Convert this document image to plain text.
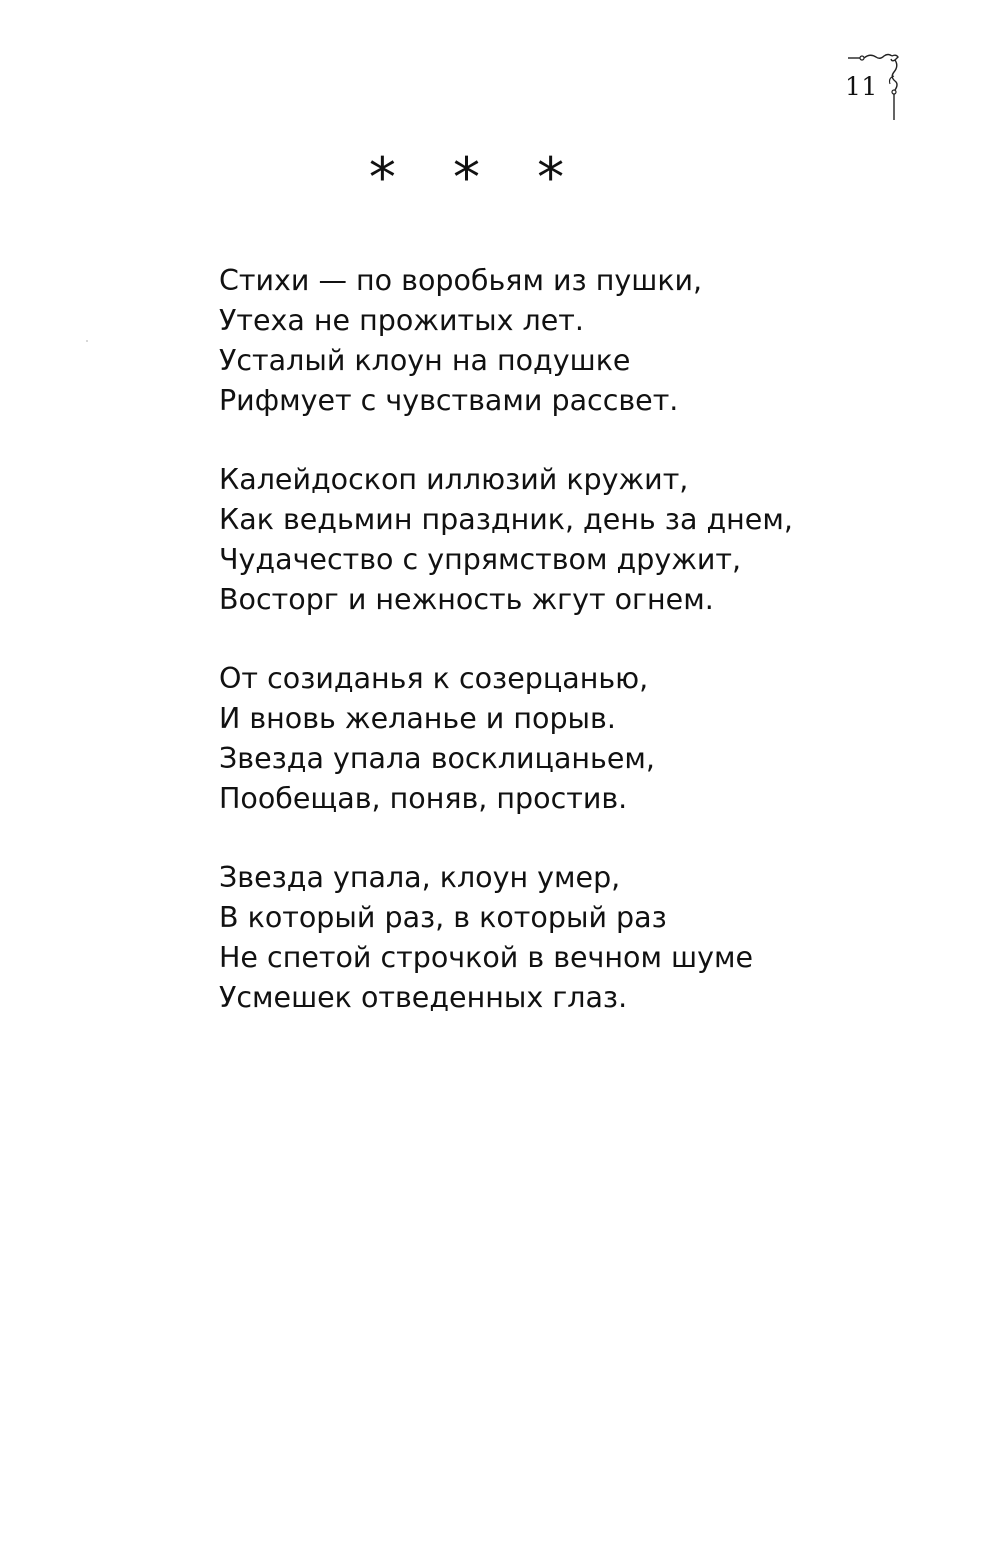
11
* * *
Стихи — по воробьям из пушки,
Утеха не прожитых лет.
Усталый клоун на подушке
Рифмует с чувствами рассвет.
Калейдоскоп иллюзий кружит,
Как ведьмин праздник, день за днем,
Чудачество с упрямством дружит,
Восторг и нежность жгут огнем.
От созиданья к созерцанью,
И вновь желанье и порыв.
Звезда упала восклицаньем,
Пообещав, поняв, простив.
Звезда упала, клоун умер,
В который раз, в который раз
Не спетой строчкой в вечном шуме
Усмешек отведенных глаз.
